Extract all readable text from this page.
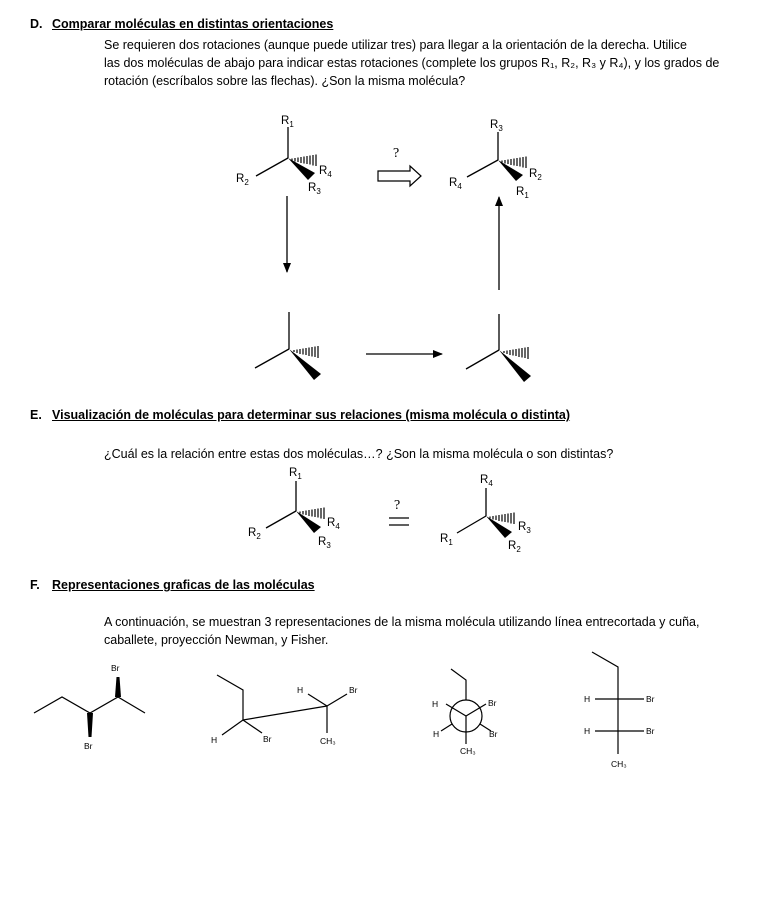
D. Comparar moléculas en distintas orientaciones
Se requieren dos rotaciones (aunque puede utilizar tres) para llegar a la orientación de la derecha. Utilice
las dos moléculas de abajo para indicar estas rotaciones (complete los grupos R₁, R₂, R₃ y R₄), y los grados de
rotación (escríbalos sobre las flechas). ¿Son la misma molécula?
$R_1$
$R_2$
$R_4$
$R_3$
?
$R_3$
$R_4$
$R_2$
$R_1$
E. Visualización de moléculas para determinar sus relaciones (misma molécula o distinta)
¿Cuál es la relación entre estas dos moléculas…? ¿Son la misma molécula o son distintas?
$R_1$
$R_2$
$R_4$
$R_3$
?
$R_4$
$R_1$
$R_3$
$R_2$
F. Representaciones graficas de las moléculas
A continuación, se muestran 3 representaciones de la misma molécula utilizando línea entrecortada y cuña,
caballete, proyección Newman, y Fisher.
Br
Br
H	Br
H	Br
CH₃
H	Br
H	Br
CH₃
H	Br
H	Br
CH₃
